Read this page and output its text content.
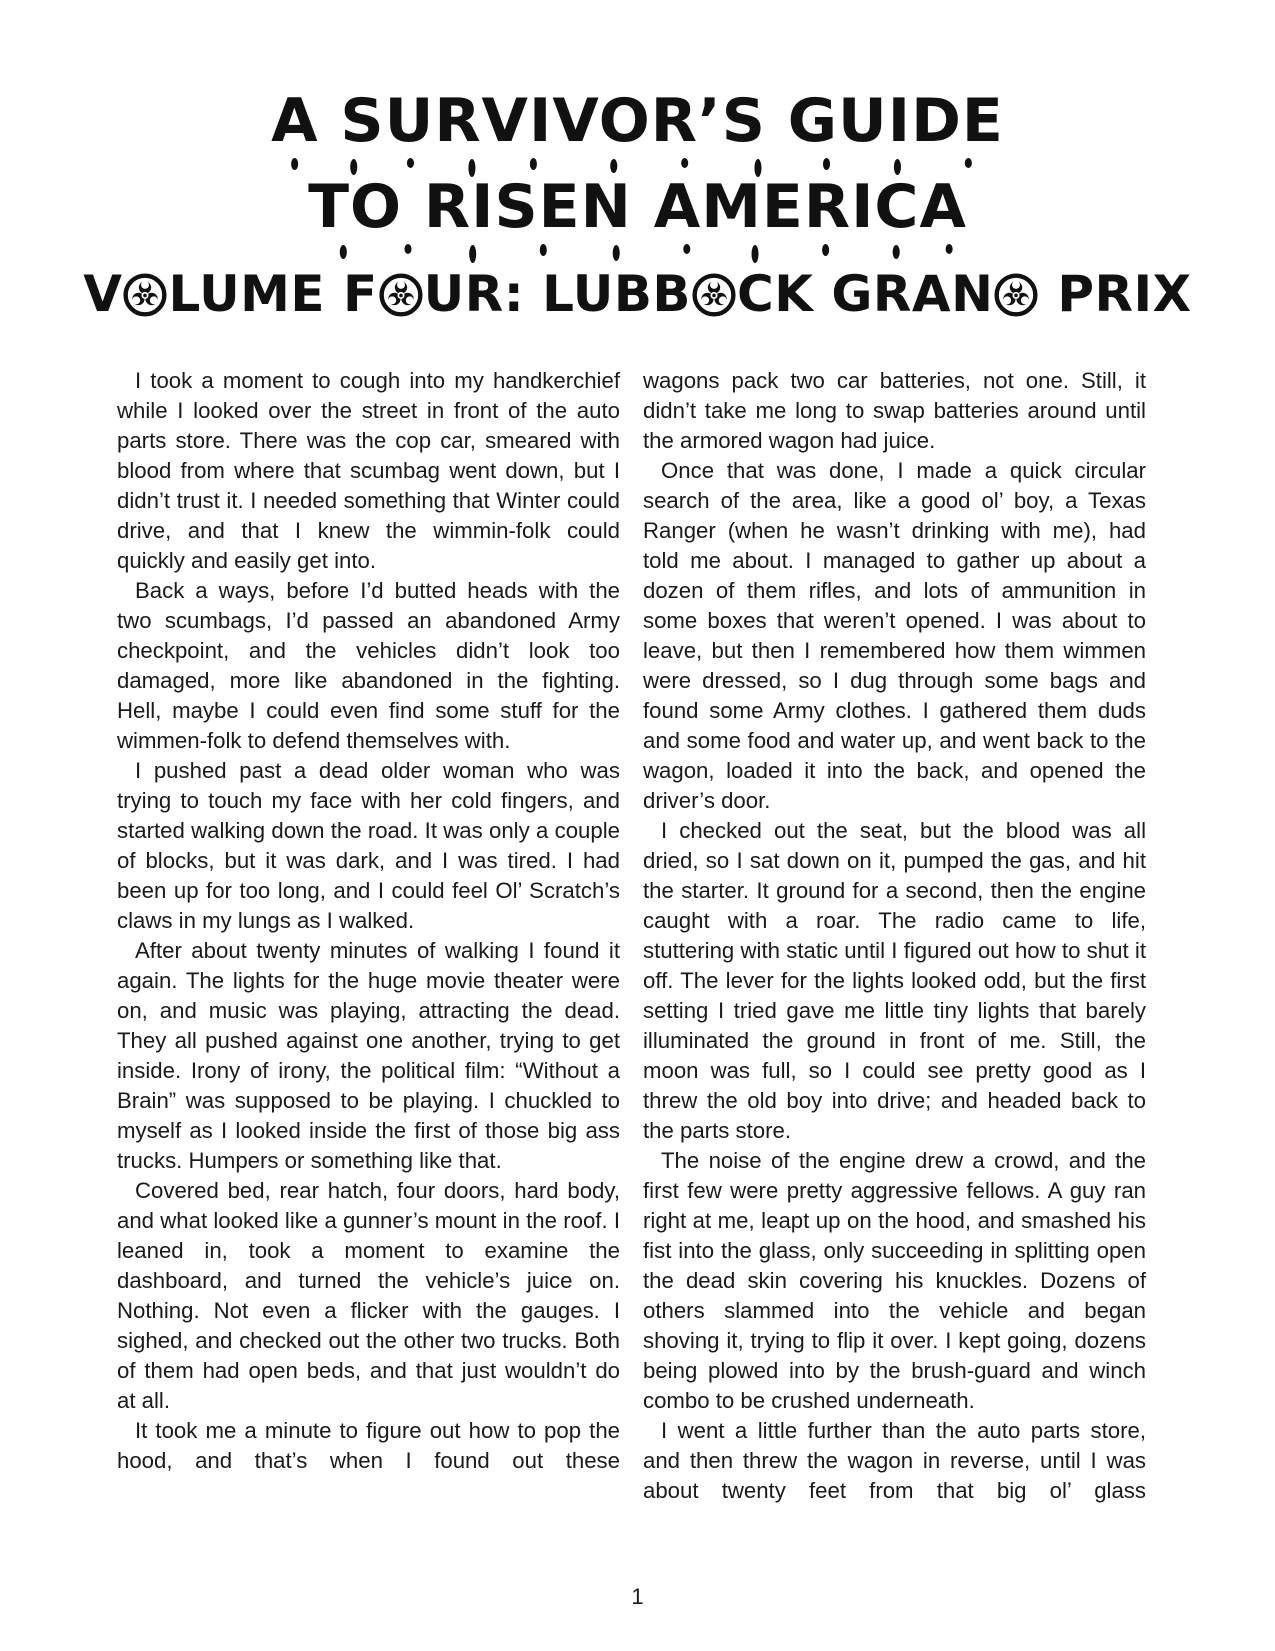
A SURVIVOR’S GUIDE
TO RISEN AMERICA
V LUME F UR: LUBB CK GRAN PRIX

I took a moment to cough into my handkerchief while I looked over the street in front of the auto parts store. There was the cop car, smeared with blood from where that scumbag went down, but I didn’t trust it. I needed something that Winter could drive, and that I knew the wimmin-folk could quickly and easily get into.

Back a ways, before I’d butted heads with the two scumbags, I’d passed an abandoned Army checkpoint, and the vehicles didn’t look too damaged, more like abandoned in the fighting. Hell, maybe I could even find some stuff for the wimmen-folk to defend themselves with.

I pushed past a dead older woman who was trying to touch my face with her cold fingers, and started walking down the road. It was only a couple of blocks, but it was dark, and I was tired. I had been up for too long, and I could feel Ol’ Scratch’s claws in my lungs as I walked.

After about twenty minutes of walking I found it again. The lights for the huge movie theater were on, and music was playing, attracting the dead. They all pushed against one another, trying to get inside. Irony of irony, the political film: “Without a Brain” was supposed to be playing. I chuckled to myself as I looked inside the first of those big ass trucks. Humpers or something like that.

Covered bed, rear hatch, four doors, hard body, and what looked like a gunner’s mount in the roof. I leaned in, took a moment to examine the dashboard, and turned the vehicle’s juice on. Nothing. Not even a flicker with the gauges. I sighed, and checked out the other two trucks. Both of them had open beds, and that just wouldn’t do at all.

It took me a minute to figure out how to pop the hood, and that’s when I found out these

wagons pack two car batteries, not one. Still, it didn’t take me long to swap batteries around until the armored wagon had juice.

Once that was done, I made a quick circular search of the area, like a good ol’ boy, a Texas Ranger (when he wasn’t drinking with me), had told me about. I managed to gather up about a dozen of them rifles, and lots of ammunition in some boxes that weren’t opened. I was about to leave, but then I remembered how them wimmen were dressed, so I dug through some bags and found some Army clothes. I gathered them duds and some food and water up, and went back to the wagon, loaded it into the back, and opened the driver’s door.

I checked out the seat, but the blood was all dried, so I sat down on it, pumped the gas, and hit the starter. It ground for a second, then the engine caught with a roar. The radio came to life, stuttering with static until I figured out how to shut it off. The lever for the lights looked odd, but the first setting I tried gave me little tiny lights that barely illuminated the ground in front of me. Still, the moon was full, so I could see pretty good as I threw the old boy into drive; and headed back to the parts store.

The noise of the engine drew a crowd, and the first few were pretty aggressive fellows. A guy ran right at me, leapt up on the hood, and smashed his fist into the glass, only succeeding in splitting open the dead skin covering his knuckles. Dozens of others slammed into the vehicle and began shoving it, trying to flip it over. I kept going, dozens being plowed into by the brush-guard and winch combo to be crushed underneath.

I went a little further than the auto parts store, and then threw the wagon in reverse, until I was about twenty feet from that big ol’ glass

1
